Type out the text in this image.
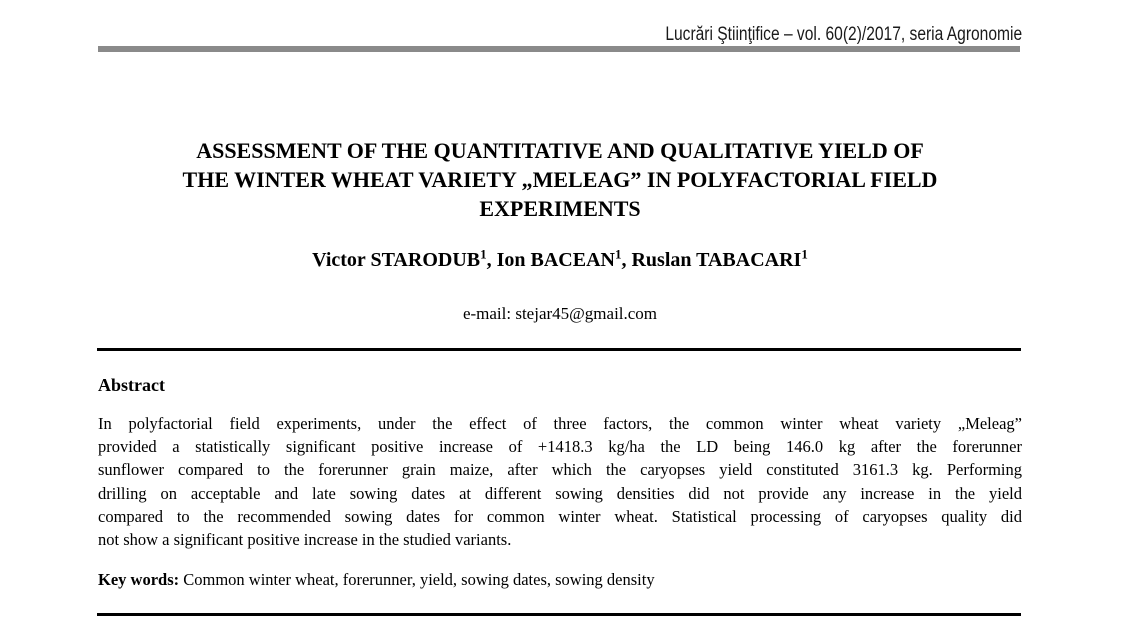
Lucrări Ştiinţifice – vol. 60(2)/2017, seria Agronomie
ASSESSMENT OF THE QUANTITATIVE AND QUALITATIVE YIELD OF
THE WINTER WHEAT VARIETY „MELEAG” IN POLYFACTORIAL FIELD
EXPERIMENTS
Victor STARODUB$^1$, Ion BACEAN$^1$, Ruslan TABACARI$^1$
e-mail: stejar45@gmail.com
Abstract
In polyfactorial field experiments, under the effect of three factors, the common winter wheat variety „Meleag”
provided a statistically significant positive increase of +1418.3 kg/ha the LD being 146.0 kg after the forerunner
sunflower compared to the forerunner grain maize, after which the caryopses yield constituted 3161.3 kg. Performing
drilling on acceptable and late sowing dates at different sowing densities did not provide any increase in the yield
compared to the recommended sowing dates for common winter wheat. Statistical processing of caryopses quality did
not show a significant positive increase in the studied variants.
Key words: Common winter wheat, forerunner, yield, sowing dates, sowing density
